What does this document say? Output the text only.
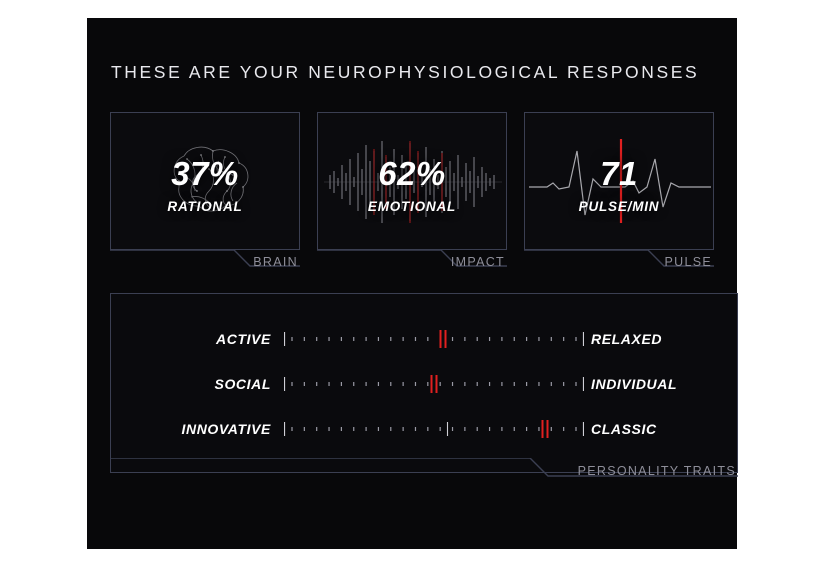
THESE ARE YOUR NEUROPHYSIOLOGICAL RESPONSES
37%
RATIONAL
62%
EMOTIONAL
71
PULSE/MIN
BRAIN	IMPACT	PULSE
ACTIVE	RELAXED
SOCIAL	INDIVIDUAL
INNOVATIVE	CLASSIC
PERSONALITY TRAITS
